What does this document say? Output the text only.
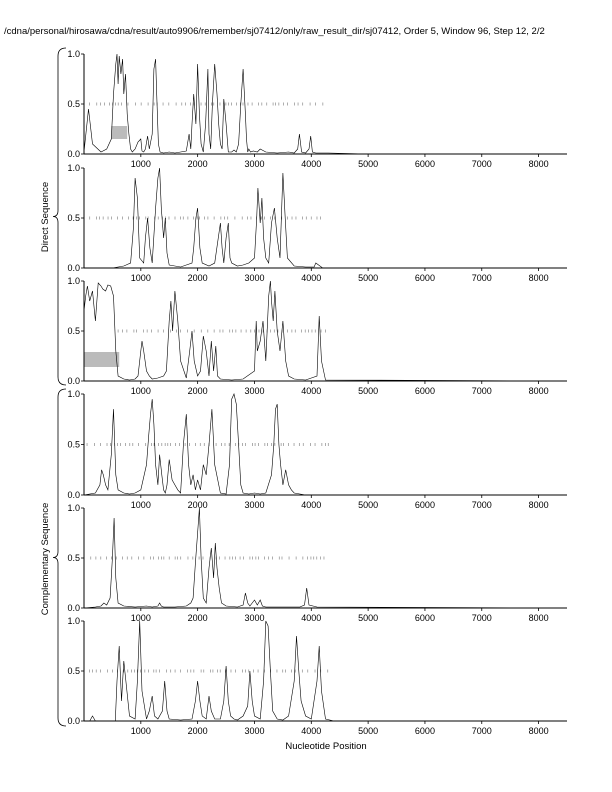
/cdna/personal/hirosawa/cdna/result/auto9906/remember/sj07412/only/raw_result_dir/sj07412, Order 5, Window 96, Step 12, 2/2
0.0
0.5
1.0
1000	2000	3000	4000	5000	6000	7000	8000
0.0
0.5
1.0
1000	2000	3000	4000	5000	6000	7000	8000
0.0
0.5
1.0
1000	2000	3000	4000	5000	6000	7000	8000
0.0
0.5
1.0
1000	2000	3000	4000	5000	6000	7000	8000
0.0
0.5
1.0
1000	2000	3000	4000	5000	6000	7000	8000
0.0
0.5
1.0
1000	2000	3000	4000	5000	6000	7000	8000
Direct Sequence
Complementary Sequence
Nucleotide Position
